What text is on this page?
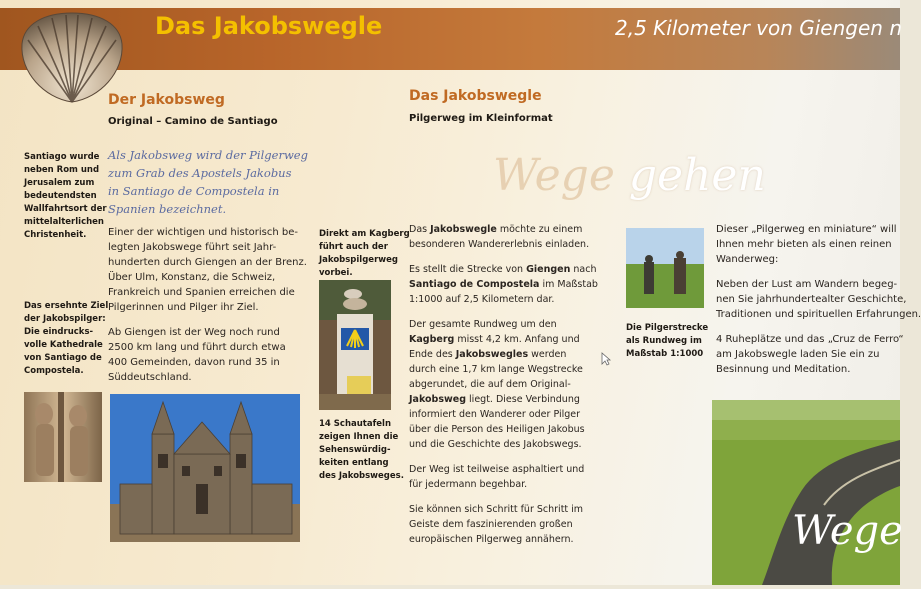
Das Jakobswegle	2,5 Kilometer von Giengen n
Der Jakobsweg
Original – Camino de Santiago
Santiago wurde
neben Rom und
Jerusalem zum
bedeutendsten
Wallfahrtsort der
mittelalterlichen
Christenheit.
Das ersehnte Ziel
der Jakobspilger:
Die eindrucks-
volle Kathedrale
von Santiago de
Compostela.
Als Jakobsweg wird der Pilgerweg
zum Grab des Apostels Jakobus
in Santiago de Compostela in
Spanien bezeichnet.

Einer der wichtigen und historisch be-
legten Jakobswege führt seit Jahr-
hunderten durch Giengen an der Brenz.
Über Ulm, Konstanz, die Schweiz,
Frankreich und Spanien erreichen die
Pilgerinnen und Pilger ihr Ziel.

Ab Giengen ist der Weg noch rund
2500 km lang und führt durch etwa
400 Gemeinden, davon rund 35 in
Süddeutschland.

Das Jakobswegle
Pilgerweg im Kleinformat
Wege gehen
Direkt am Kagberg
führt auch der
Jakobspilgerweg
vorbei.
14 Schautafeln
zeigen Ihnen die
Sehenswürdig-
keiten entlang
des Jakobsweges.

Das Jakobswegle möchte zu einem
besonderen Wandererlebnis einladen.

Es stellt die Strecke von Giengen nach
Santiago de Compostela im Maßstab
1:1000 auf 2,5 Kilometern dar.

Der gesamte Rundweg um den
Kagberg misst 4,2 km. Anfang und
Ende des Jakobswegles werden
durch eine 1,7 km lange Wegstrecke
abgerundet, die auf dem Original-
Jakobsweg liegt. Diese Verbindung
informiert den Wanderer oder Pilger
über die Person des Heiligen Jakobus
und die Geschichte des Jakobswegs.

Der Weg ist teilweise asphaltiert und
für jedermann begehbar.

Sie können sich Schritt für Schritt im
Geiste dem faszinierenden großen
europäischen Pilgerweg annähern.

Die Pilgerstrecke
als Rundweg im
Maßstab 1:1000

Dieser „Pilgerweg en miniature“ will
Ihnen mehr bieten als einen reinen
Wanderweg:

Neben der Lust am Wandern begeg-
nen Sie jahrhundertealter Geschichte,
Traditionen und spirituellen Erfahrungen.

4 Ruheplätze und das „Cruz de Ferro“
am Jakobswegle laden Sie ein zu
Besinnung und Meditation.

Wege
